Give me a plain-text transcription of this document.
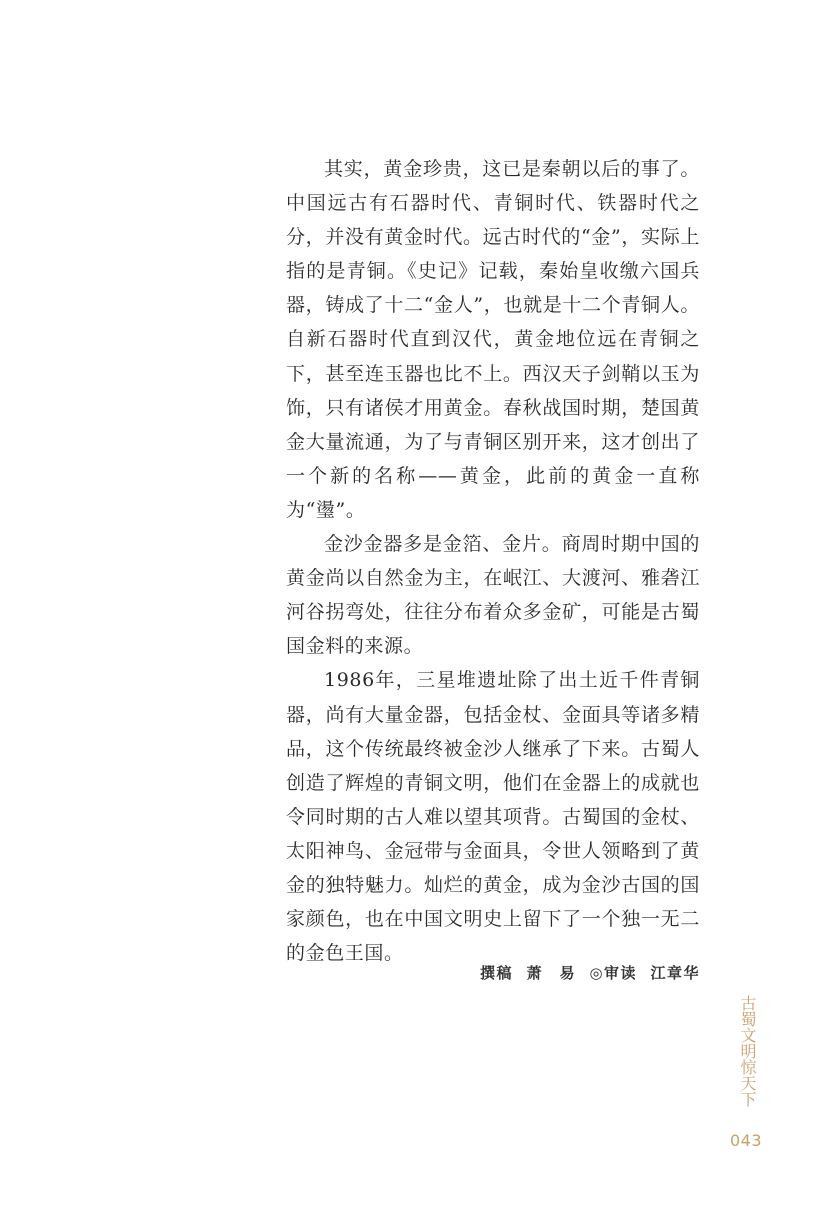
其实，黄金珍贵，这已是秦朝以后的事了。中国远古有石器时代、青铜时代、铁器时代之分，并没有黄金时代。远古时代的“金”，实际上指的是青铜。《史记》记载，秦始皇收缴六国兵器，铸成了十二“金人”，也就是十二个青铜人。自新石器时代直到汉代，黄金地位远在青铜之下，甚至连玉器也比不上。西汉天子剑鞘以玉为饰，只有诸侯才用黄金。春秋战国时期，楚国黄金大量流通，为了与青铜区别开来，这才创出了一个新的名称——黄金，此前的黄金一直称为“璗”。

金沙金器多是金箔、金片。商周时期中国的黄金尚以自然金为主，在岷江、大渡河、雅砻江河谷拐弯处，往往分布着众多金矿，可能是古蜀国金料的来源。

1986年，三星堆遗址除了出土近千件青铜器，尚有大量金器，包括金杖、金面具等诸多精品，这个传统最终被金沙人继承了下来。古蜀人创造了辉煌的青铜文明，他们在金器上的成就也令同时期的古人难以望其项背。古蜀国的金杖、太阳神鸟、金冠带与金面具，令世人领略到了黄金的独特魅力。灿烂的黄金，成为金沙古国的国家颜色，也在中国文明史上留下了一个独一无二的金色王国。

撰稿 萧　易 ◎审读 江章华
古蜀文明惊天下
043
